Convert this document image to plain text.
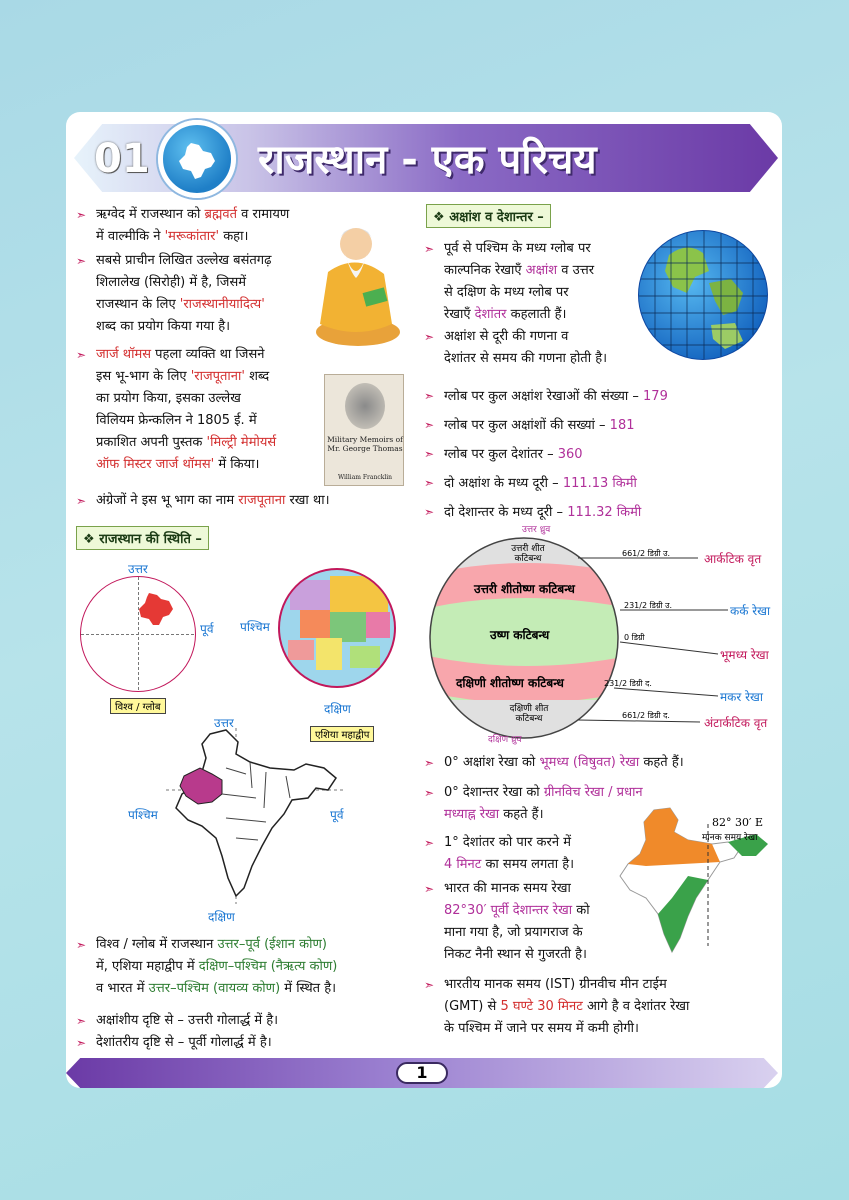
01	राजस्थान - एक परिचय
➣ ऋग्वेद में राजस्थान को ब्रह्मवर्त व रामायण
में वाल्मीकि ने 'मरूकांतार' कहा।
➣ सबसे प्राचीन लिखित उल्लेख बसंतगढ़
शिलालेख (सिरोही) में है, जिसमें
राजस्थान के लिए 'राजस्थानीयादित्य'
शब्द का प्रयोग किया गया है।
➣ जार्ज थॉमस पहला व्यक्ति था जिसने
इस भू-भाग के लिए 'राजपूताना' शब्द
का प्रयोग किया, इसका उल्लेख
विलियम फ्रेन्कलिन ने 1805 ई. में
प्रकाशित अपनी पुस्तक 'मिल्ट्री मेमोयर्स
ऑफ मिस्टर जार्ज थॉमस' में किया।
Military Memoirs of
Mr. George Thomas
William Francklin
➣ अंग्रेजों ने इस भू भाग का नाम राजपूताना रखा था।
❖ राजस्थान की स्थिति –
उत्तर
पूर्व
विश्व / ग्लोब
पश्चिम
दक्षिण
एशिया महाद्वीप
उत्तर
पश्चिम	पूर्व
दक्षिण
➣ विश्व / ग्लोब में राजस्थान उत्तर–पूर्व (ईशान कोण)
में, एशिया महाद्वीप में दक्षिण–पश्चिम (नैऋत्य कोण)
व भारत में उत्तर–पश्चिम (वायव्य कोण) में स्थित है।
➣ अक्षांशीय दृष्टि से – उत्तरी गोलार्द्ध में है।
➣ देशांतरीय दृष्टि से – पूर्वी गोलार्द्ध में है।
❖ अक्षांश व देशान्तर –
➣ पूर्व से पश्चिम के मध्य ग्लोब पर
काल्पनिक रेखाएँ अक्षांश व उत्तर
से दक्षिण के मध्य ग्लोब पर
रेखाएँ देशांतर कहलाती हैं।
➣ अक्षांश से दूरी की गणना व
देशांतर से समय की गणना होती है।
➣ ग्लोब पर कुल अक्षांश रेखाओं की संख्या – 179
➣ ग्लोब पर कुल अक्षांशों की सख्यां – 181
➣ ग्लोब पर कुल देशांतर – 360
➣ दो अक्षांश के मध्य दूरी – 111.13 किमी
➣ दो देशान्तर के मध्य दूरी – 111.32 किमी
उत्तर ध्रुव
उत्तरी शीत कटिबन्ध
उत्तरी शीतोष्ण कटिबन्ध
उष्ण कटिबन्ध
दक्षिणी शीतोष्ण कटिबन्ध
दक्षिणी शीत कटिबन्ध
दक्षिण ध्रुव
661/2 डिग्री उ.
231/2 डिग्री उ.
0 डिग्री
231/2 डिग्री द.
661/2 डिग्री द.
आर्कटिक वृत
कर्क रेखा
भूमध्य रेखा
मकर रेखा
अंटार्कटिक वृत
➣ 0° अक्षांश रेखा को भूमध्य (विषुवत) रेखा कहते हैं।
➣ 0° देशान्तर रेखा को ग्रीनविच रेखा / प्रधान
मध्याह्न रेखा कहते हैं।
➣ 1° देशांतर को पार करने में
4 मिनट का समय लगता है।
➣ भारत की मानक समय रेखा
82°30′ पूर्वी देशान्तर रेखा को
माना गया है, जो प्रयागराज के
निकट नैनी स्थान से गुजरती है।
82° 30′ E
मानक समय रेखा
➣ भारतीय मानक समय (IST) ग्रीनवीच मीन टाईम
(GMT) से 5 घण्टे 30 मिनट आगे है व देशांतर रेखा
के पश्चिम में जाने पर समय में कमी होगी।
1
